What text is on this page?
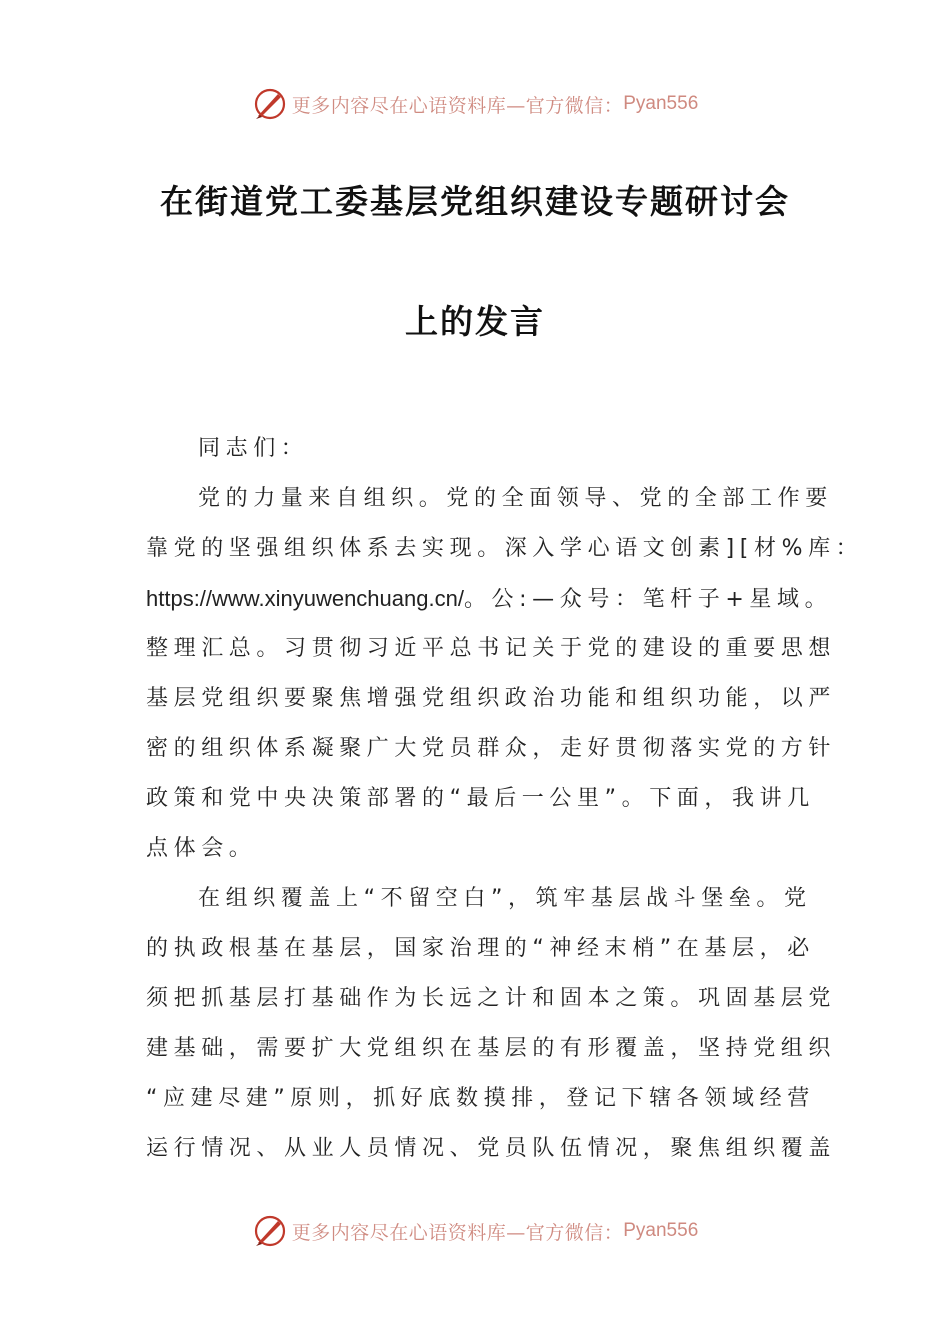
更多内容尽在心语资料库—官方微信： Pyan556
在街道党工委基层党组织建设专题研讨会
上的发言
同志们：
党的力量来自组织。党的全面领导、党的全部工作要
靠党的坚强组织体系去实现。深入学心语文创素][材%库：
https://www.xinyuwenchuang.cn/。公:—众号：笔杆子+星域。
整理汇总。习贯彻习近平总书记关于党的建设的重要思想
基层党组织要聚焦增强党组织政治功能和组织功能，以严
密的组织体系凝聚广大党员群众，走好贯彻落实党的方针
政策和党中央决策部署的“最后一公里”。下面，我讲几
点体会。
在组织覆盖上“不留空白”，筑牢基层战斗堡垒。党
的执政根基在基层，国家治理的“神经末梢”在基层，必
须把抓基层打基础作为长远之计和固本之策。巩固基层党
建基础，需要扩大党组织在基层的有形覆盖，坚持党组织
“应建尽建”原则，抓好底数摸排，登记下辖各领域经营
运行情况、从业人员情况、党员队伍情况，聚焦组织覆盖
更多内容尽在心语资料库—官方微信： Pyan556
